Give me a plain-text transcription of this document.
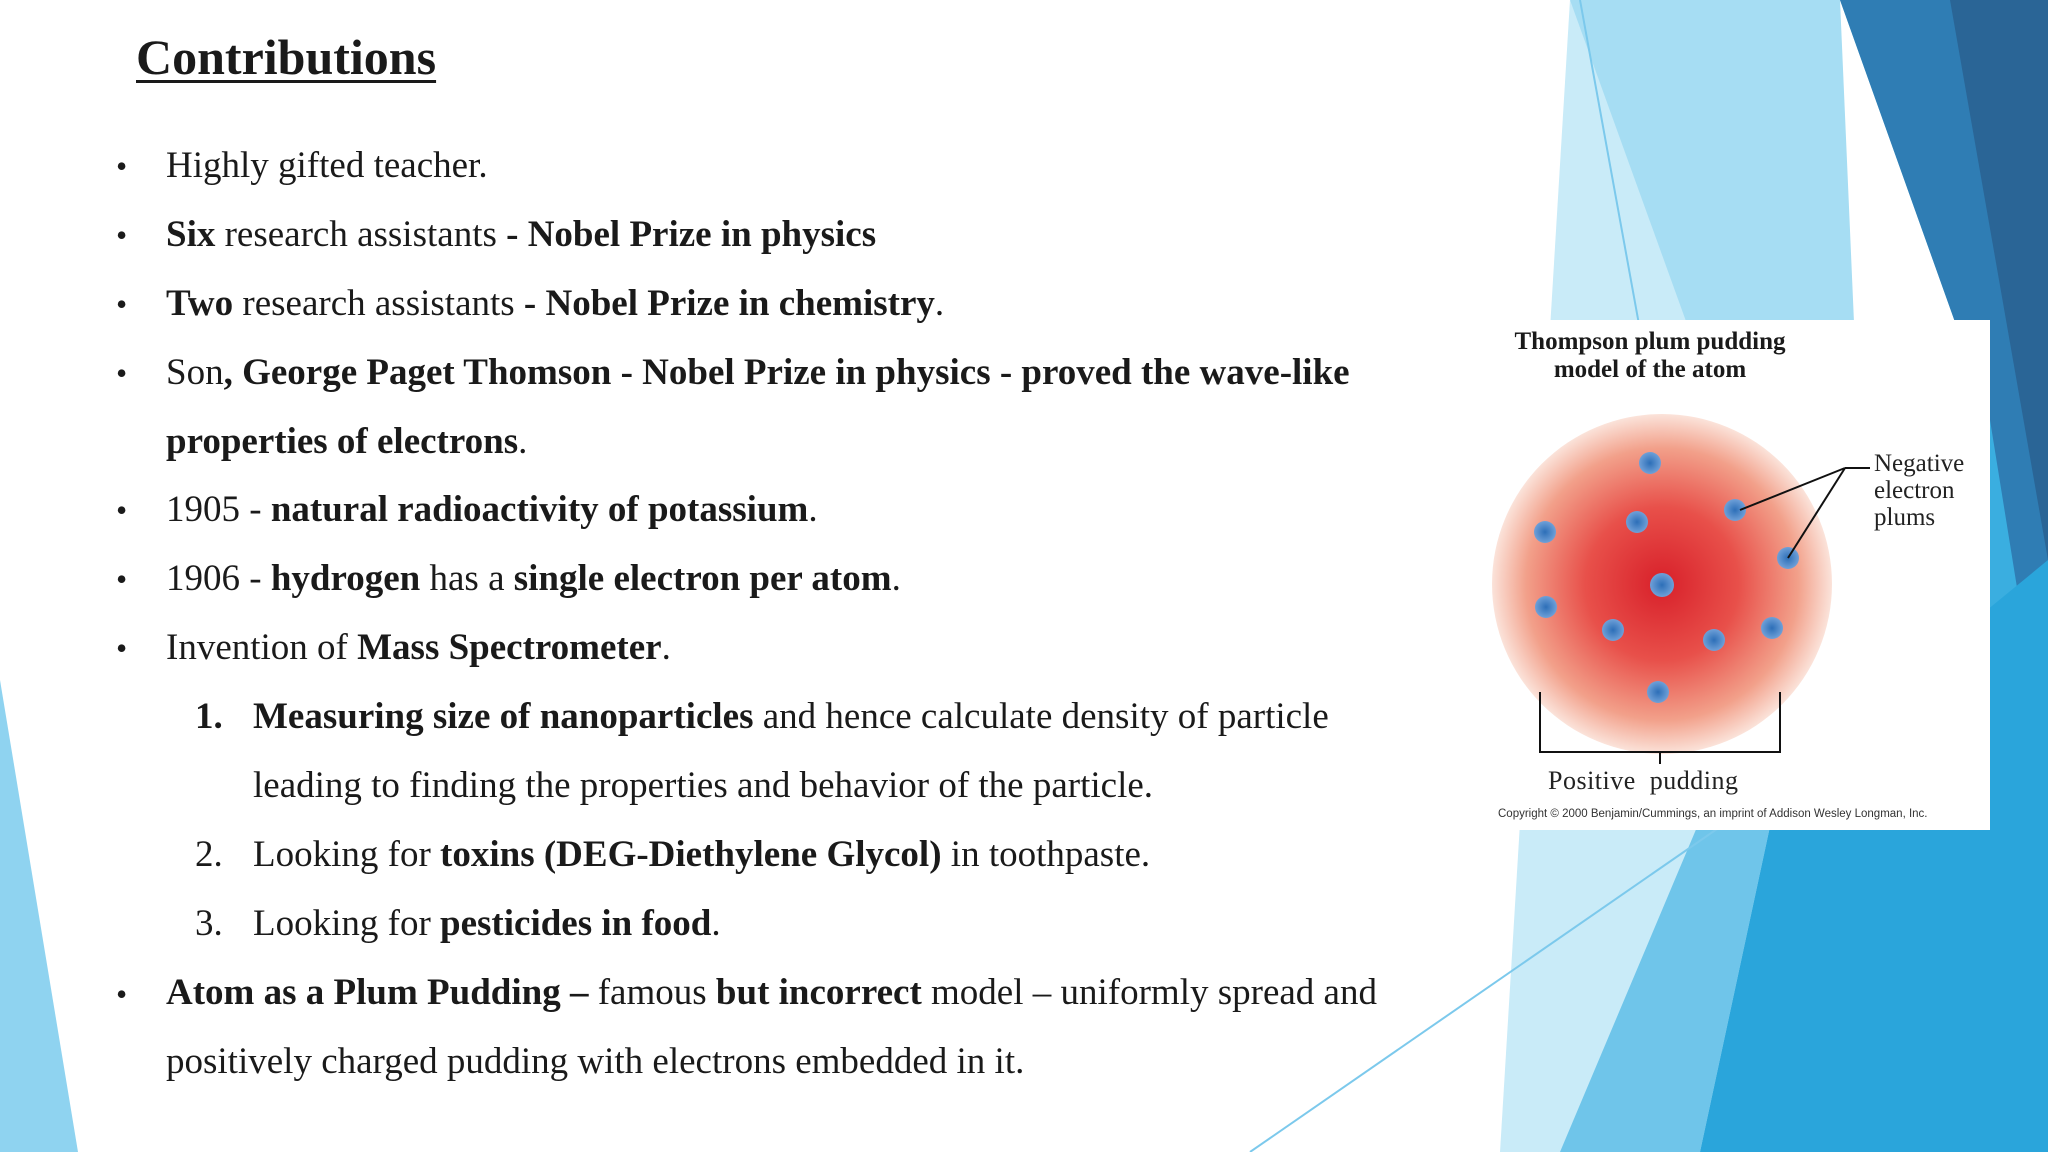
Contributions
• Highly gifted teacher.
• Six research assistants - Nobel Prize in physics
• Two research assistants - Nobel Prize in chemistry.
• Son, George Paget Thomson - Nobel Prize in physics - proved the wave-like
properties of electrons.
• 1905 - natural radioactivity of potassium.
• 1906 - hydrogen has a single electron per atom.
• Invention of Mass Spectrometer.
1. Measuring size of nanoparticles and hence calculate density of particle
leading to finding the properties and behavior of the particle.
2. Looking for toxins (DEG-Diethylene Glycol) in toothpaste.
3. Looking for pesticides in food.
• Atom as a Plum Pudding – famous but incorrect model – uniformly spread and
positively charged pudding with electrons embedded in it.
Thompson plum pudding
model of the atom
Negative
electron
plums
Positive  pudding
Copyright © 2000 Benjamin/Cummings, an imprint of Addison Wesley Longman, Inc.
